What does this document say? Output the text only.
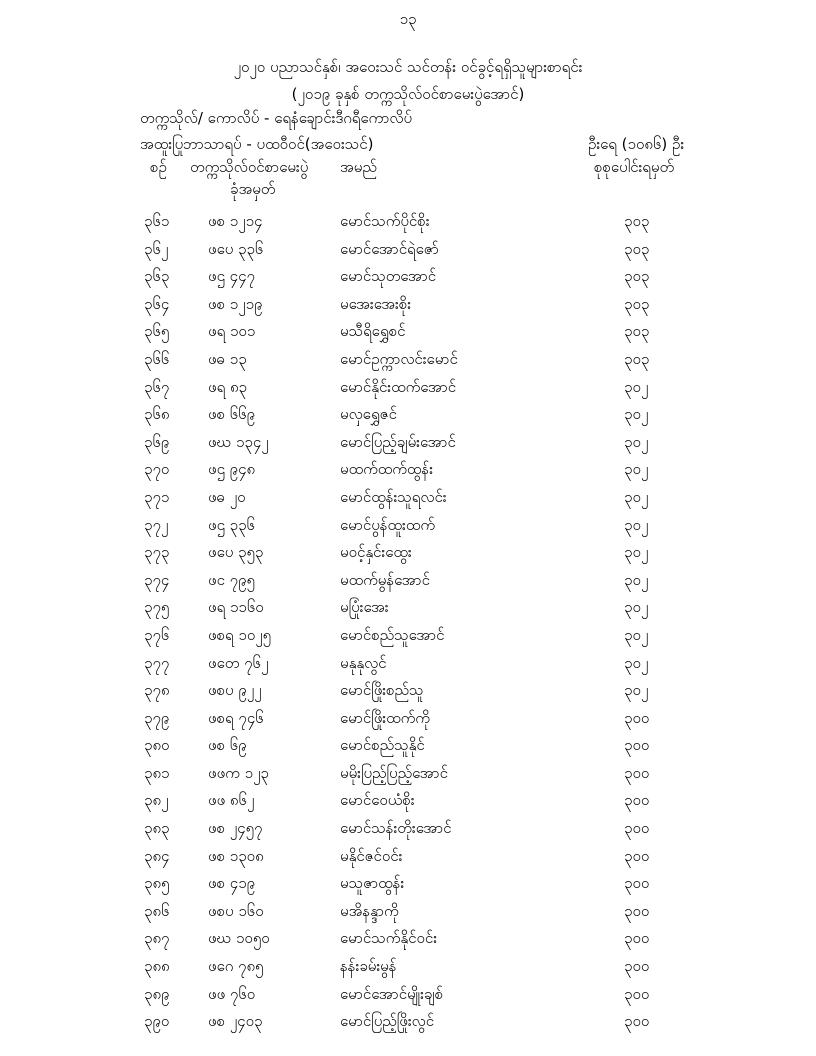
၁၃
၂၀၂၀ ပညာသင်နှစ်၊ အဝေးသင် သင်တန်း ဝင်ခွင့်ရရှိသူများစာရင်း
(၂၀၁၉ ခုနှစ် တက္ကသိုလ်ဝင်စာမေးပွဲအောင်)
တက္ကသိုလ်/ ကောလိပ် - ရေနံချောင်းဒီဂရီကောလိပ်
အထူးပြုဘာသာရပ် - ပထဝီဝင်(အဝေးသင်)	ဦးရေ (၁၀၈၆) ဦး
စဉ် တက္ကသိုလ်ဝင်စာမေးပွဲ
ခုံအမှတ်
အမည်	စုစုပေါင်းရမှတ်
၃၆၁	ဖစ ၁၂၁၄	မောင်သက်ပိုင်စိုး	၃၀၃
၃၆၂	ဖပေ ၃၃၆	မောင်အောင်ရဲဇော်	၃၀၃
၃၆၃	ဖဌ ၄၄၇	မောင်သုတအောင်	၃၀၃
၃၆၄	ဖစ ၁၂၁၉	မအေးအေးစိုး	၃၀၃
၃၆၅	ဖရ ၁၀၁	မသီရိရွှေစင်	၃၀၃
၃၆၆	ဖဓ ၁၃	မောင်ဥက္ကာလင်းမောင်	၃၀၃
၃၆၇	ဖရ ၈၃	မောင်နိုင်းထက်အောင်	၃၀၂
၃၆၈	ဖစ ၆၆၉	မလှရွှေဇင်	၃၀၂
၃၆၉	ဖဃ ၁၃၄၂	မောင်ပြည့်ချမ်းအောင်	၃၀၂
၃၇၀	ဖဌ ၉၄၈	မထက်ထက်ထွန်း	၃၀၂
၃၇၁	ဖဓ ၂၀	မောင်ထွန်းသူရလင်း	၃၀၂
၃၇၂	ဖဌ ၃၃၆	မောင်ပွန်ထူးထက်	၃၀၂
၃၇၃	ဖပေ ၃၅၃	မဝင့်နှင်းထွေး	၃၀၂
၃၇၄	ဖင ၇၉၅	မထက်မွန်အောင်	၃၀၂
၃၇၅	ဖရ ၁၁၆၀	မပြုံးအေး	၃၀၂
၃၇၆	ဖစရ ၁၀၂၅	မောင်စည်သူအောင်	၃၀၂
၃၇၇	ဖတေ ၇၆၂	မနုနုလွင်	၃၀၂
၃၇၈	ဖစပ ၉၂၂	မောင်ဖြိုးစည်သူ	၃၀၂
၃၇၉	ဖစရ ၇၄၆	မောင်ဖြိုးထက်ကို	၃၀၀
၃၈၀	ဖစ ၆၉	မောင်စည်သူနိုင်	၃၀၀
၃၈၁	ဖဖက ၁၂၃	မမိုးပြည့်ပြည့်အောင်	၃၀၀
၃၈၂	ဖဖ ၈၆၂	မောင်ဝေယံစိုး	၃၀၀
၃၈၃	ဖစ ၂၄၅၇	မောင်သန်းတိုးအောင်	၃၀၀
၃၈၄	ဖစ ၁၃၀၈	မနိုင်ဇင်ဝင်း	၃၀၀
၃၈၅	ဖစ ၄၁၉	မသူဇာထွန်း	၃၀၀
၃၈၆	ဖစပ ၁၆၀	မအိနန္ဒာကို	၃၀၀
၃၈၇	ဖဃ ၁၀၅၀	မောင်သက်နိုင်ဝင်း	၃၀၀
၃၈၈	ဖဂေ ၇၈၅	နန်းခမ်းမွန်	၃၀၀
၃၈၉	ဖဖ ၇၆၀	မောင်အောင်မျိုးချစ်	၃၀၀
၃၉၀	ဖစ ၂၄၀၃	မောင်ပြည့်ဖြိုးလွင်	၃၀၀
